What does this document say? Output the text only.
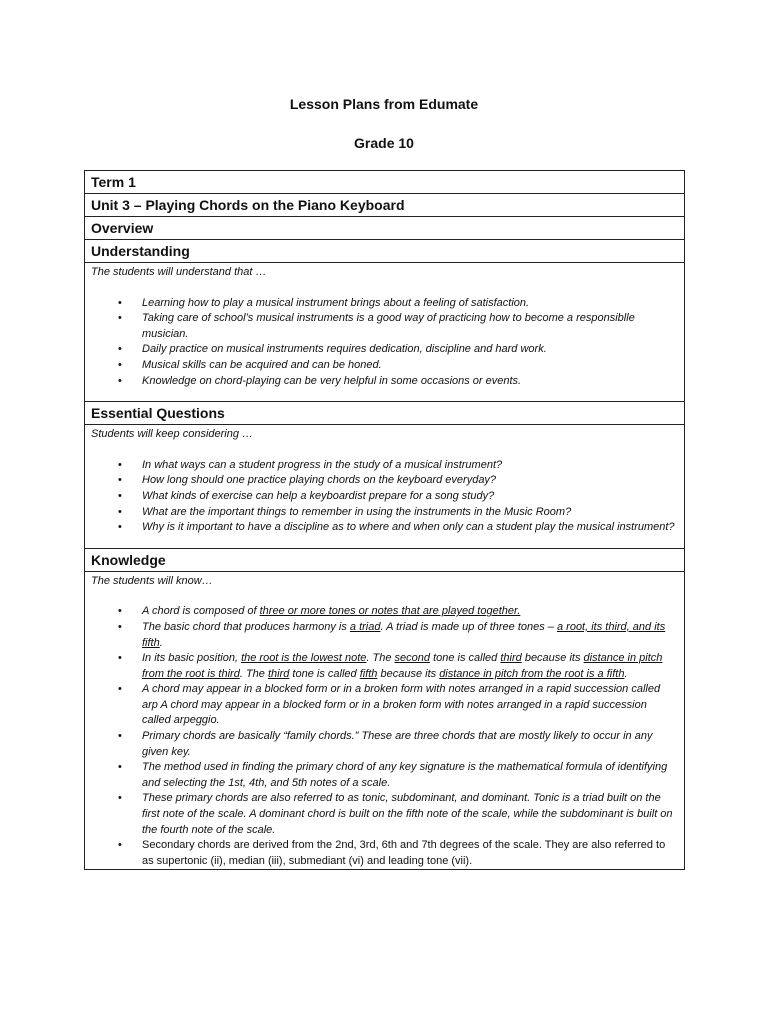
Lesson Plans from Edumate
Grade 10
Term 1
Unit 3 – Playing Chords on the Piano Keyboard
Overview
Understanding

The students will understand that …

• Learning how to play a musical instrument brings about a feeling of satisfaction.
• Taking care of school’s musical instruments is a good way of practicing how to become a responsiblle musician.
• Daily practice on musical instruments requires dedication, discipline and hard work.
• Musical skills can be acquired and can be honed.
• Knowledge on chord-playing can be very helpful in some occasions or events.
Essential Questions

Students will keep considering …

• In what ways can a student progress in the study of a musical instrument?
• How long should one practice playing chords on the keyboard everyday?
• What kinds of exercise can help a keyboardist prepare for a song study?
• What are the important things to remember in using the instruments in the Music Room?
• Why is it important to have a discipline as to where and when only can a student play the musical instrument?
Knowledge

The students will know…

• A chord is composed of three or more tones or notes that are played together.
• The basic chord that produces harmony is a triad. A triad is made up of three tones – a root, its third, and its fifth.
• In its basic position, the root is the lowest note. The second tone is called third because its distance in pitch from the root is third. The third tone is called fifth because its distance in pitch from the root is a fifth.
• A chord may appear in a blocked form or in a broken form with notes arranged in a rapid succession called arp A chord may appear in a blocked form or in a broken form with notes arranged in a rapid succession called arpeggio.
• Primary chords are basically “family chords.” These are three chords that are mostly likely to occur in any given key.
• The method used in finding the primary chord of any key signature is the mathematical formula of identifying and selecting the 1st, 4th, and 5th notes of a scale.
• These primary chords are also referred to as tonic, subdominant, and dominant. Tonic is a triad built on the first note of the scale. A dominant chord is built on the fifth note of the scale, while the subdominant is built on the fourth note of the scale.
• Secondary chords are derived from the 2nd, 3rd, 6th and 7th degrees of the scale. They are also referred to as supertonic (ii), median (iii), submediant (vi) and leading tone (vii).
